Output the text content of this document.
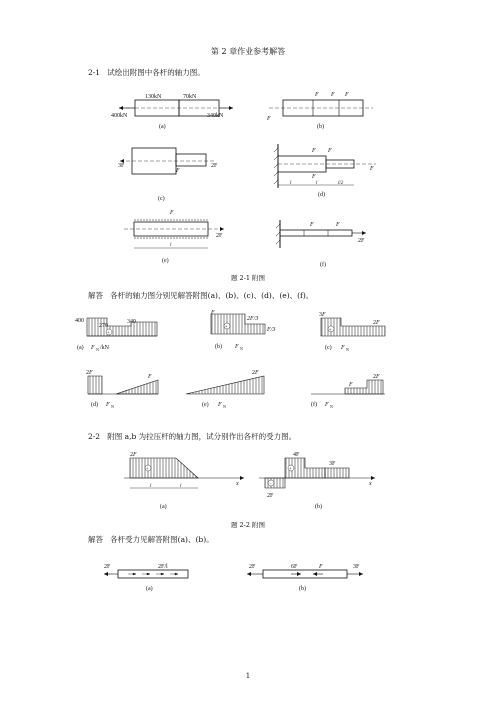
第 2 章作业参考解答
2-1 试绘出附图中各杆的轴力图。
130kN	70kN
400kN	340kN
(a)
F F F
F
(b)
3F	2F
F
(c)
F F
F
F
l	l	l/2
(d)
F
2F
l
(e)
F	F
2F
(f)
题 2-1 附图
解答 各杆的轴力图分别见解答附图(a)、(b)、(c)、(d)、(e)、(f)。
400
270
340
+
(a) F N /kN
F
2F/3
F/3
+
(b) F N
3F
2F
+
(c) F N
2F
F
(d) F N
2F
(e) F N
F
2F
(f) F N
2-2 附图 a,b 为拉压杆的轴力图，试分别作出各杆的受力图。
x
2F
+
l	l
(a)
x
4F
3F
2F
+
−
(b)
题 2-2 附图
解答 各杆受力见解答附图(a)、(b)。
2F	2F/l
(a)
2F	6F	F	3F
(b)
1
